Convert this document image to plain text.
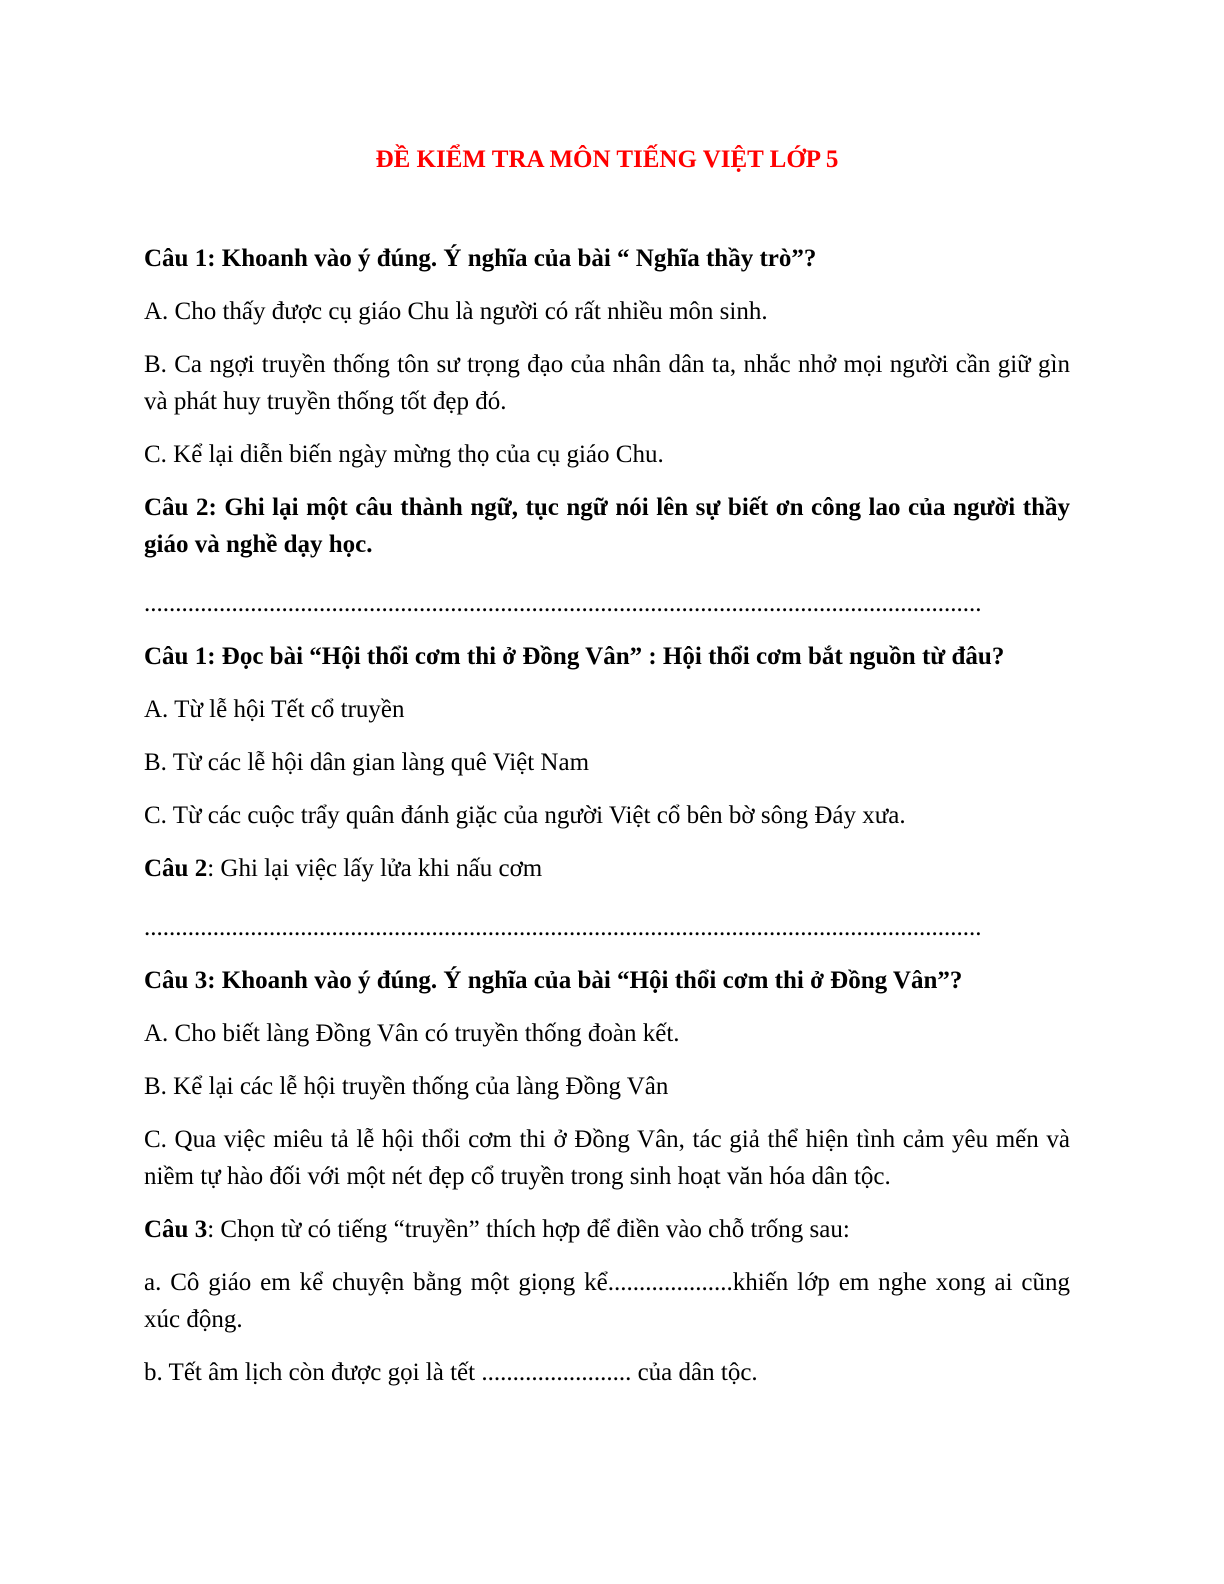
ĐỀ KIỂM TRA MÔN TIẾNG VIỆT LỚP 5

Câu 1: Khoanh vào ý đúng. Ý nghĩa của bài “ Nghĩa thầy trò”?

A. Cho thấy được cụ giáo Chu là người có rất nhiều môn sinh.

B. Ca ngợi truyền thống tôn sư trọng đạo của nhân dân ta, nhắc nhở mọi người cần giữ gìn và phát huy truyền thống tốt đẹp đó.

C. Kể lại diễn biến ngày mừng thọ của cụ giáo Chu.

Câu 2: Ghi lại một câu thành ngữ, tục ngữ nói lên sự biết ơn công lao của người thầy giáo và nghề dạy học.

......................................................................................................................................

Câu 1: Đọc bài “Hội thổi cơm thi ở Đồng Vân” : Hội thổi cơm bắt nguồn từ đâu?

A. Từ lễ hội Tết cổ truyền

B. Từ các lễ hội dân gian làng quê Việt Nam

C. Từ các cuộc trẩy quân đánh giặc của người Việt cổ bên bờ sông Đáy xưa.

Câu 2: Ghi lại việc lấy lửa khi nấu cơm

......................................................................................................................................

Câu 3: Khoanh vào ý đúng. Ý nghĩa của bài “Hội thổi cơm thi ở Đồng Vân”?

A. Cho biết làng Đồng Vân có truyền thống đoàn kết.

B. Kể lại các lễ hội truyền thống của làng Đồng Vân

C. Qua việc miêu tả lễ hội thổi cơm thi ở Đồng Vân, tác giả thể hiện tình cảm yêu mến và niềm tự hào đối với một nét đẹp cổ truyền trong sinh hoạt văn hóa dân tộc.

Câu 3: Chọn từ có tiếng “truyền” thích hợp để điền vào chỗ trống sau:

a. Cô giáo em kể chuyện bằng một giọng kể....................khiến lớp em nghe xong ai cũng xúc động.

b. Tết âm lịch còn được gọi là tết ........................ của dân tộc.
